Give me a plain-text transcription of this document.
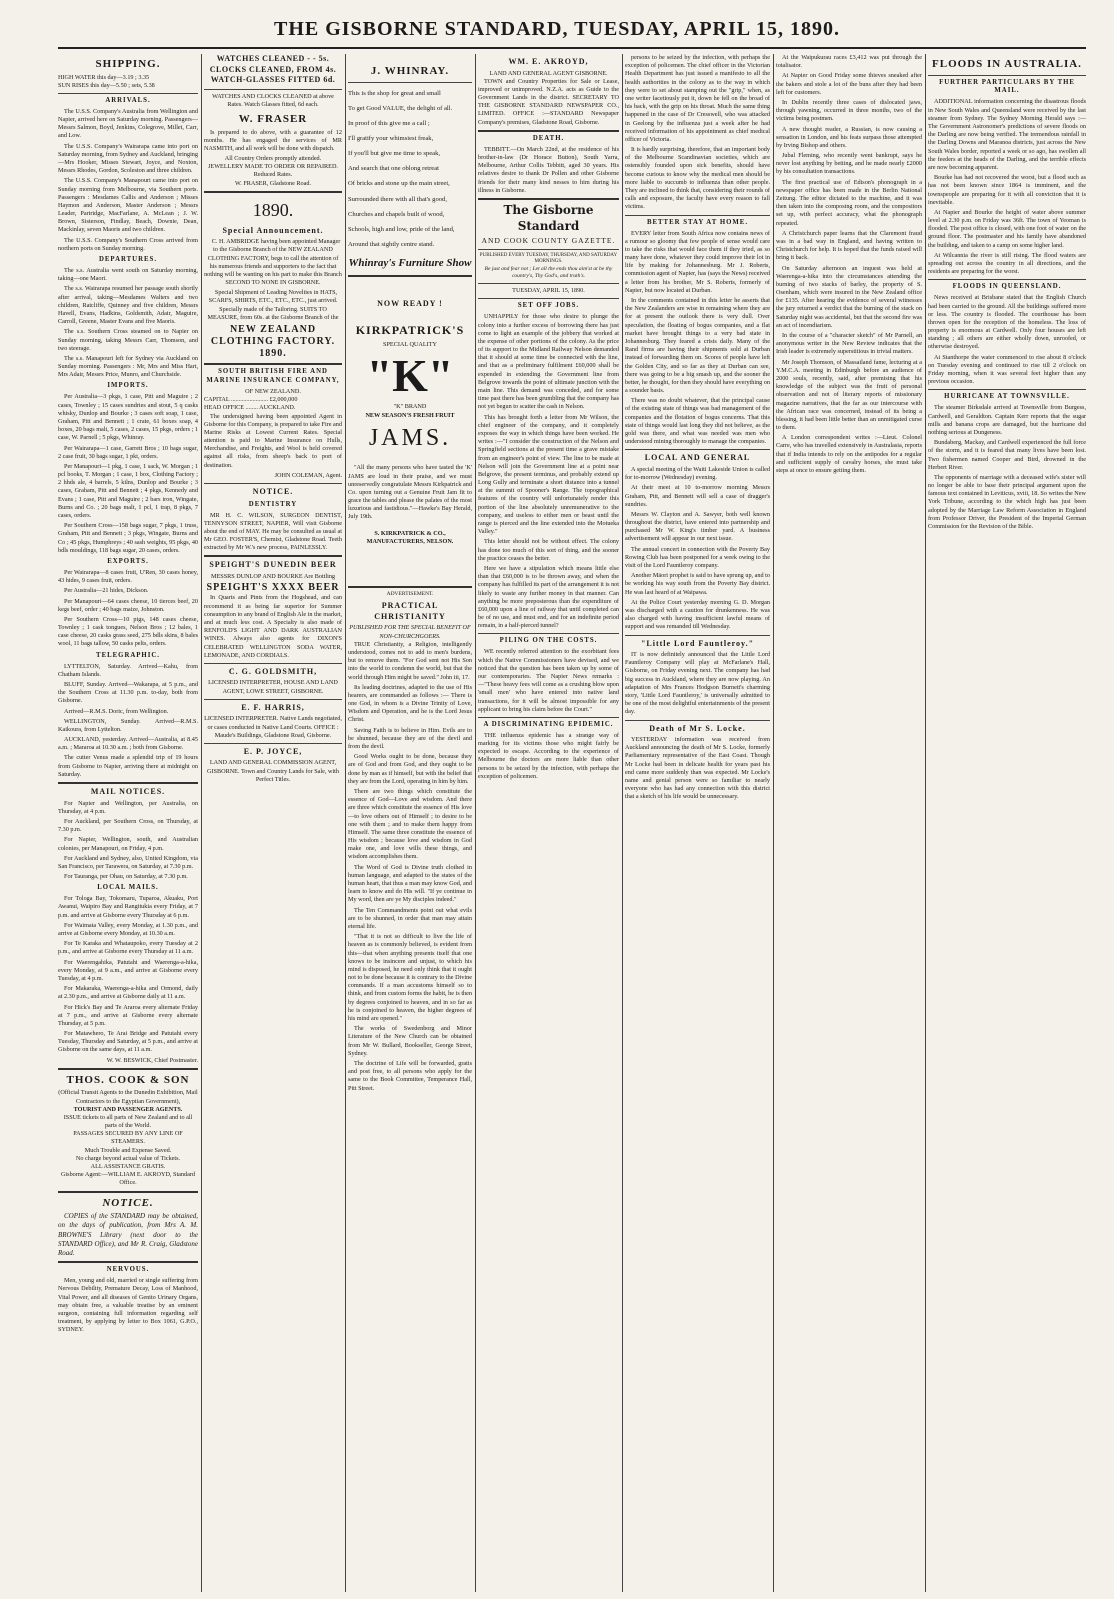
THE GISBORNE STANDARD, TUESDAY, APRIL 15, 1890.
SHIPPING.
HIGH WATER this day—3.19 ; 3.35
SUN RISES this day—5.50 ; sets, 5.38
ARRIVALS.
The U.S.S. Company's Australia from Wellington and Napier, arrived here on Saturday morning. Passengers—Messrs Salmon, Boyd, Jenkins, Colegrove, Millet, Carr, and Low.
The U.S.S. Company's Wairarapa came into port on Saturday morning, from Sydney and Auckland, bringing—Mrs Hooker, Misses Stewart, Joyce, and Noxton, Messrs Rhodes, Gordon, Scoleston and three children.
The U.S.S. Company's Manapouri came into port on Sunday morning from Melbourne, via Southern ports. Passengers : Mesdames Callis and Anderson ; Misses Haymon and Anderson, Master Anderson ; Messrs Leader, Partridge, MacFarlane, A. McLean ; J. W. Brown, Sisterson, Findlay, Beach, Downie, Dean, Mackinlay, seven Maoris and two children.
The U.S.S. Company's Southern Cross arrived from northern ports on Sunday morning.
DEPARTURES.
The s.s. Australia went south on Saturday morning, taking—one Maori.
The s.s. Wairarapa resumed her passage south shortly after arrival, taking—Mesdames Walters and two children, Ratcliffe, Quinney and five children, Messrs Havell, Evans, Hadkins, Goldsmith, Adair, Maguire, Carroll, Greene, Master Evans and five Maoris.
The s.s. Southern Cross steamed on to Napier on Sunday morning, taking Messrs Carr, Thomson, and two steerage.
The s.s. Manapouri left for Sydney via Auckland on Sunday morning. Passengers : Mr, Mrs and Miss Hart, Mrs Adair, Messrs Price, Munro, and Churchside.
IMPORTS.
Per Australia—3 pkgs, 1 case, Pitt and Maguire ; 2 cases, Townley ; 15 cases sundries and stout, 5 q casks whisky, Dunlop and Bourke ; 3 cases soft soap, 1 case, Graham, Pitt and Bennett ; 1 crate, 61 boxes soap, 4 boxes, 20 bags malt, 5 cases, 2 cases, 15 pkgs, orders ; 1 case, W. Parnell ; 5 pkgs, Whinray.
Per Wairarapa—1 case, Garrett Bros ; 10 bags sugar, 2 case fruit, 30 bags sugar, 1 pkt, orders.
Per Manapouri—1 pkg, 1 case, 1 sack, W. Morgan ; 1 pcl books, T. Morgan ; 1 case, 1 box, Clothing Factory ; 2 hhds ale, 4 barrels, 5 kilns, Dunlop and Bourke ; 3 cases, Graham, Pitt and Bennett ; 4 pkgs, Kennedy and Evans ; 1 case, Pitt and Maguire ; 2 bars iron, Wingate, Burns and Co. ; 20 bags malt, 1 pcl, 1 trap, 8 pkgs, 7 cases, orders.
Per Southern Cross—158 bags sugar, 7 pkgs, 1 truss, Graham, Pitt and Bennett ; 3 pkgs, Wingate, Burns and Co ; 45 pkgs, Humphreys ; 40 sash weights, 95 pkgs, 40 bdls mouldings, 118 bags sugar, 20 cases, orders.
EXPORTS.
Per Wairarapa—8 cases fruit, U'Ren, 30 cases honey, 43 hides, 9 cases fruit, orders.
Per Australia—21 hides, Dickson.
Per Manapouri—64 cases cheese, 10 tierces beef, 20 kegs beef, order ; 40 bags maize, Johnston.
Per Southern Cross—10 pigs, 148 cases cheese, Townley ; 1 cask tongues, Nelson Bros ; 12 bales, 1 case cheese, 20 casks grass seed, 275 bdls skins, 8 bales wool, 11 bags tallow, 50 casks pelts, orders.
TELEGRAPHIC.
LYTTELTON, Saturday. Arrived—Kahu, from Chatham Islands.
BLUFF, Sunday. Arrived—Wakarapa, at 5 p.m., and the Southern Cross at 11.30 p.m. to-day, both from Gisborne.
Arrived—R.M.S. Doric, from Wellington.
WELLINGTON, Sunday. Arrived—R.M.S. Kaikoura, from Lyttelton.
AUCKLAND, yesterday. Arrived—Australia, at 8.45 a.m. ; Mararoa at 10.30 a.m. ; both from Gisborne.
The cutter Venus made a splendid trip of 19 hours from Gisborne to Napier, arriving there at midnight on Saturday.
MAIL NOTICES.
For Napier and Wellington, per Australia, on Thursday, at 4 p.m.
For Auckland, per Southern Cross, on Thursday, at 7.30 p.m.
For Napier, Wellington, south, and Australian colonies, per Manapouri, on Friday, 4 p.m.
For Auckland and Sydney, also, United Kingdom, via San Francisco, per Tarawera, on Saturday, at 7.30 p.m.
For Tauranga, per Ohau, on Saturday, at 7.30 p.m.
LOCAL MAILS.
For Tologa Bay, Tokomaru, Tuparoa, Akuaku, Port Awanui, Waipiro Bay and Rangitukia every Friday, at 7 p.m. and arrive at Gisborne every Thursday at 6 p.m.
For Waimata Valley, every Monday, at 1.30 p.m., and arrive at Gisborne every Monday, at 10.30 a.m.
For Te Karaka and Whataupoko, every Tuesday at 2 p.m., and arrive at Gisborne every Thursday at 11 a.m.
For Waerengahika, Patutahi and Waerenga-a-hika, every Monday, at 9 a.m., and arrive at Gisborne every Tuesday, at 4 p.m.
For Makaraka, Waerenga-a-hika and Ormond, daily at 2.30 p.m., and arrive at Gisborne daily at 11 a.m.
For Hick's Bay and Te Araroa every alternate Friday at 7 p.m., and arrive at Gisborne every alternate Thursday, at 5 p.m.
For Matawhero, Te Arai Bridge and Patutahi every Tuesday, Thursday and Saturday, at 5 p.m., and arrive at Gisborne on the same days, at 11 a.m.
W. W. BESWICK, Chief Postmaster.
THOS. COOK & SON
(Official Transit Agents to the Dunedin Exhibition, Mail Contractors to the Egyptian Government),
TOURIST AND PASSENGER AGENTS.
ISSUE tickets to all parts of New Zealand and to all parts of the World.
PASSAGES SECURED BY ANY LINE OF STEAMERS.
Much Trouble and Expense Saved.
No charge beyond actual value of Tickets.
ALL ASSISTANCE GRATIS.
Gisborne Agent:—WILLIAM E. AKROYD, Standard Office.
NOTICE.
COPIES of the STANDARD may be obtained, on the days of publication, from Mrs A. M. BROWNE'S Library (next door to the STANDARD Office), and Mr R. Craig, Gladstone Road.
NERVOUS.
Men, young and old, married or single suffering from Nervous Debility, Premature Decay, Loss of Manhood, Vital Power, and all diseases of Genito Urinary Organs, may obtain free, a valuable treatise by an eminent surgeon, containing full information regarding self treatment, by applying by letter to Box 1061, G.P.O., SYDNEY.
WATCHES CLEANED - - 5s.
CLOCKS CLEANED, FROM 4s.
WATCH-GLASSES FITTED 6d.
WATCHES AND CLOCKS CLEANED at above Rates. Watch Glasses fitted, 6d each.
W. FRASER
Is prepared to do above, with a guarantee of 12 months. He has engaged the services of MR NASMITH, and all work will be done with dispatch.
All Country Orders promptly attended.
JEWELLERY MADE TO ORDER OR REPAIRED. Reduced Rates.
W. FRASER, Gladstone Road.
1890.
Special Announcement.
C. H. AMBRIDGE having been appointed Manager to the Gisborne Branch of the NEW ZEALAND CLOTHING FACTORY, begs to call the attention of his numerous friends and supporters to the fact that nothing will be wanting on his part to make this Branch SECOND TO NONE IN GISBORNE.
Special Shipment of Leading Novelties in HATS, SCARFS, SHIRTS, ETC., ETC., ETC., just arrived. Specially made of the Tailoring. SUITS TO MEASURE, from 60s. at the Gisborne Branch of the
NEW ZEALAND CLOTHING FACTORY. 1890.
SOUTH BRITISH FIRE AND MARINE INSURANCE COMPANY,
OF NEW ZEALAND.
CAPITAL ........................ £2,000,000
HEAD OFFICE ........ AUCKLAND.
The undersigned having been appointed Agent in Gisborne for this Company, is prepared to take Fire and Marine Risks at Lowest Current Rates. Special attention is paid to Marine Insurance on Hulls, Merchandise, and Freights, and Wool is held covered against all risks, from sheep's back to port of destination.
JOHN COLEMAN, Agent.
NOTICE.
DENTISTRY
MR H. C. WILSON, SURGEON DENTIST, TENNYSON STREET, NAPIER, Will visit Gisborne about the end of MAY. He may be consulted as usual at Mr GEO. FOSTER'S, Chemist, Gladstone Road. Teeth extracted by Mr W.'s new process, PAINLESSLY.
SPEIGHT'S DUNEDIN BEER
MESSRS DUNLOP AND BOURKE Are Bottling
SPEIGHT'S XXXX BEER
In Quarts and Pints from the Hogshead, and can recommend it as being far superior for Summer consumption to any brand of English Ale in the market, and at much less cost. A Specialty is also made of RENFOLD'S LIGHT AND DARK AUSTRALIAN WINES. Always also agents for DIXON'S CELEBRATED WELLINGTON SODA WATER, LEMONADE, AND CORDIALS.
C. G. GOLDSMITH,
LICENSED INTERPRETER, HOUSE AND LAND AGENT, LOWE STREET, GISBORNE.
E. F. HARRIS,
LICENSED INTERPRETER. Native Lands negotiated, or cases conducted in Native Land Courts. OFFICE : Maude's Buildings, Gladstone Road, Gisborne.
E. P. JOYCE,
LAND AND GENERAL COMMISSION AGENT, GISBORNE. Town and Country Lands for Sale, with Perfect Titles.
J. WHINRAY.
This is the shop for great and small
To get Good VALUE, the delight of all.
In proof of this give me a call ;
I'll gratify your whimsiest freak,
If you'll but give me time to speak,
And search that one oblong retreat
Of bricks and stone up the main street,
Surrounded there with all that's good,
Churches and chapels built of wood,
Schools, high and low, pride of the land,
Around that sightly centre stand.
Whinray's Furniture Show
NOW READY !
KIRKPATRICK'S
SPECIAL QUALITY
"K"
"K" BRAND
NEW SEASON'S FRESH FRUIT
JAMS.
"All the many persons who have tasted the 'K' JAMS are loud in their praise, and we must unreservedly congratulate Messrs Kirkpatrick and Co. upon turning out a Genuine Fruit Jam fit to grace the tables and please the palates of the most luxurious and fastidious."—Hawke's Bay Herald, July 19th.
S. KIRKPATRICK & CO., MANUFACTURERS, NELSON.
ADVERTISEMENT.
PRACTICAL CHRISTIANITY
PUBLISHED FOR THE SPECIAL BENEFIT OF NON-CHURCHGOERS.
TRUE Christianity, a Religion, intelligently understood, comes not to add to men's burdens, but to remove them. "For God sent not His Son into the world to condemn the world, but that the world through Him might be saved." John iii, 17.
Its leading doctrines, adapted to the use of His hearers, are commanded as follows :— There is one God, in whom is a Divine Trinity of Love, Wisdom and Operation, and he is the Lord Jesus Christ.
Saving Faith is to believe in Him. Evils are to be shunned, because they are of the devil and from the devil.
Good Works ought to be done, because they are of God and from God, and they ought to be done by man as if himself, but with the belief that they are from the Lord, operating in him by him.
There are two things which constitute the essence of God—Love and wisdom. And there are three which constitute the essence of His love—to love others out of Himself ; to desire to be one with them ; and to make them happy from Himself. The same three constitute the essence of His wisdom ; because love and wisdom in God make one, and love wills these things, and wisdom accomplishes them.
The Word of God is Divine truth clothed in human language, and adapted to the states of the human heart, that thus a man may know God, and learn to know and do His will. "If ye continue in My word, then are ye My disciples indeed."
The Ten Commandments point out what evils are to be shunned, in order that man may attain eternal life.
"That it is not so difficult to live the life of heaven as is commonly believed, is evident from this—that when anything presents itself that one knows to be insincere and unjust, to which his mind is disposed, he need only think that it ought not to be done because it is contrary to the Divine commands. If a man accustoms himself so to think, and from custom forms the habit, he is then by degrees conjoined to heaven, and in so far as he is conjoined to heaven, the higher degrees of his mind are opened."
The works of Swedenborg and Minor Literature of the New Church can be obtained from Mr W. Bullard, Bookseller, George Street, Sydney.
The doctrine of Life will be forwarded, gratis and post free, to all persons who apply for the same to the Book Committee, Temperance Hall, Pitt Street.
WM. E. AKROYD,
LAND AND GENERAL AGENT GISBORNE.
TOWN and Country Properties for Sale or Lease, improved or unimproved. N.Z.A. acts as Guide to the Government Lands in the district. SECRETARY TO THE GISBORNE STANDARD NEWSPAPER CO., LIMITED. OFFICE :—STANDARD Newspaper Company's premises, Gladstone Road, Gisborne.
DEATH.
TEBBITT.—On March 22nd, at the residence of his brother-in-law (Dr Horace Button), South Yarra, Melbourne, Arthur Collis Tebbitt, aged 30 years. His relatives desire to thank Dr Pollen and other Gisborne friends for their many kind nesses to him during his illness in Gisborne.
The Gisborne Standard
AND COOK COUNTY GAZETTE.
PUBLISHED EVERY TUESDAY, THURSDAY, AND SATURDAY MORNINGS.
Be just and fear not ; Let all the ends thou aim'st at be thy country's, Thy God's, and truth's.
TUESDAY, APRIL 15, 1890.
SET OFF JOBS.
UNHAPPILY for those who desire to plunge the colony into a further excess of borrowing there has just come to light an example of the jobbery that worked at the expense of other portions of the colony. As the price of its support to the Midland Railway Nelson demanded that it should at some time be connected with the line, and that as a preliminary fulfilment £60,000 shall be expended in extending the Government line from Belgrove towards the point of ultimate junction with the main line. This demand was conceded, and for some time past there has been grumbling that the company has not yet begun to scatter the cash in Nelson.
This has brought forth a letter from Mr Wilson, the chief engineer of the company, and it completely exposes the way in which things have been worked. He writes :—"I consider the construction of the Nelson and Springfield sections at the present time a grave mistake from an engineer's point of view. The line to be made at Nelson will join the Government line at a point near Belgrove, the present terminus, and probably extend up Long Gully and terminate a short distance into a tunnel at the summit of Spooner's Range. The topographical features of the country will unfortunately render this portion of the line absolutely unremunerative to the company, and useless to either men or beast until the range is pierced and the line extended into the Motueka Valley."
This letter should not be without effect. The colony has done too much of this sort of thing, and the sooner the practice ceases the better.
Here we have a stipulation which means little else than that £60,000 is to be thrown away, and when the company has fulfilled its part of the arrangement it is not likely to waste any further money in that manner. Can anything be more preposterous than the expenditure of £60,000 upon a line of railway that until completed can be of no use, and must end, and for an indefinite period remain, in a half-pierced tunnel?
PILING ON THE COSTS.
WE recently referred attention to the exorbitant fees which the Native Commissioners have devised, and we noticed that the question has been taken up by some of our contemporaries. The Napier News remarks :—"These heavy fees will come as a crushing blow upon 'small men' who have entered into native land transactions, for it will be almost impossible for any applicant to bring his claim before the Court."
A DISCRIMINATING EPIDEMIC.
THE influenza epidemic has a strange way of marking for its victims those who might fairly be expected to escape. According to the experience of Melbourne the doctors are more liable than other persons to be seized by the infection, with perhaps the exception of policemen.
persons to be seized by the infection, with perhaps the exception of policemen. The chief officer in the Victorian Health Department has just issued a manifesto to all the health authorities in the colony as to the way in which they were to set about stamping out the "grip," when, as one writer facetiously put it, down he fell on the broad of his back, with the grip on his throat. Much the same thing happened in the case of Dr Cresswell, who was attacked in Geelong by the influenza just a week after he had received information of his appointment as chief medical officer of Victoria.
It is hardly surprising, therefore, that an important body of the Melbourne Scandinavian societies, which are ostensibly founded upon sick benefits, should have become curious to know why the medical men should be more liable to succumb to influenza than other people. They are inclined to think that, considering their rounds of calls and exposure, the faculty have every reason to fall victims.
BETTER STAY AT HOME.
EVERY letter from South Africa now contains news of a rumour so gloomy that few people of sense would care to take the risks that would face them if they tried, as so many have done, whatever they could improve their lot in life by making for Johannesburg. Mr J. Roberts, commission agent of Napier, has (says the News) received a letter from his brother, Mr S. Roberts, formerly of Napier, but now located at Durban.
In the comments contained in this letter he asserts that the New Zealanders are wise in remaining where they are for at present the outlook there is very dull. Over speculation, the floating of bogus companies, and a flat market have brought things to a very bad state in Johannesburg. They feared a crisis daily. Many of the Rand firms are having their shipments sold at Durban instead of forwarding them on. Scores of people have left the Golden City, and so far as they at Durban can see, there was going to be a big smash up, and the sooner the better, he thought, for then they should have everything on a sounder basis.
There was no doubt whatever, that the principal cause of the existing state of things was bad management of the companies and the flotation of bogus concerns. That this state of things would last long they did not believe, as the gold was there, and what was needed was men who understood mining thoroughly to manage the companies.
LOCAL AND GENERAL
A special meeting of the Waiti Lakeside Union is called for to-morrow (Wednesday) evening.
At their meet at 10 to-morrow morning Messrs Graham, Pitt, and Bennett will sell a case of dragger's sundries.
Messrs W. Clayton and A. Sawyer, both well known throughout the district, have entered into partnership and purchased Mr W. King's timber yard. A business advertisement will appear in our next issue.
The annual concert in connection with the Poverty Bay Rowing Club has been postponed for a week owing to the visit of the Lord Fauntleroy company.
Another Māori prophet is said to have sprung up, and to be working his way south from the Poverty Bay district. He was last heard of at Waipawa.
At the Police Court yesterday morning G. D. Morgan was discharged with a caution for drunkenness. He was also charged with having insufficient lawful means of support and was remanded till Wednesday.
"Little Lord Fauntleroy."
IT is now definitely announced that the Little Lord Fauntleroy Company will play at McFarlane's Hall, Gisborne, on Friday evening next. The company has had big success in Auckland, where they are now playing. An adaptation of Mrs Frances Hodgson Burnett's charming story, 'Little Lord Fauntleroy,' is universally admitted to be one of the most delightful entertainments of the present day.
Death of Mr S. Locke.
YESTERDAY information was received from Auckland announcing the death of Mr S. Locke, formerly Parliamentary representative of the East Coast. Though Mr Locke had been in delicate health for years past his end came more suddenly than was expected. Mr Locke's name and genial person were so familiar to nearly everyone who has had any connection with this district that a sketch of his life would be unnecessary.
At the Waipukurau races £3,412 was put through the totalisator.
At Napier on Good Friday some thieves sneaked after the bakers and stole a lot of the buns after they had been left for customers.
In Dublin recently three cases of dislocated jaws, through yawning, occurred in three months, two of the victims being postmen.
A new thought reader, a Russian, is now causing a sensation in London, and his feats surpass those attempted by Irving Bishop and others.
Jubal Fleming, who recently went bankrupt, says he never lost anything by betting, and he made nearly £2000 by his consultation transactions.
The first practical use of Edison's phonograph in a newspaper office has been made in the Berlin National Zeitung. The editor dictated to the machine, and it was then taken into the composing room, and the compositors set up, with perfect accuracy, what the phonograph repeated.
A Christchurch paper learns that the Claremont fraud was in a bad way in England, and having written to Christchurch for help. It is hoped that the funds raised will bring it back.
On Saturday afternoon an inquest was held at Waerenga-a-hika into the circumstances attending the burning of two stacks of barley, the property of S. Osenham, which were insured in the New Zealand office for £135. After hearing the evidence of several witnesses the jury returned a verdict that the burning of the stack on Saturday night was accidental, but that the second fire was an act of incendiarism.
In the course of a "character sketch" of Mr Parnell, an anonymous writer in the New Review indicates that the Irish leader is extremely superstitious in trivial matters.
Mr Joseph Thomson, of Massailand fame, lecturing at a Y.M.C.A. meeting in Edinburgh before an audience of 2000 souls, recently, said, after premising that his knowledge of the subject was the fruit of personal observation and not of literary reports of missionary magazine narratives, that the far as our intercourse with the African race was concerned, instead of its being a blessing, it had been little better than an unmitigated curse to them.
A London correspondent writes :—Lieut. Colonel Carre, who has travelled extensively in Australasia, reports that if India intends to rely on the antipodes for a regular and sufficient supply of cavalry horses, she must take steps at once to ensure getting them.
FLOODS IN AUSTRALIA.
FURTHER PARTICULARS BY THE MAIL.
ADDITIONAL information concerning the disastrous floods in New South Wales and Queensland were received by the last steamer from Sydney. The Sydney Morning Herald says :— The Government Astronomer's predictions of severe floods on the Darling are now being verified. The tremendous rainfall in the Darling Downs and Maranoa districts, just across the New South Wales border, reported a week or so ago, has swollen all the feeders at the heads of the Darling, and the terrible effects are now becoming apparent.
Bourke has had not recovered the worst, but a flood such as has not been known since 1864 is imminent, and the townspeople are preparing for it with all conviction that it is inevitable.
At Napier and Bourke the height of water above summer level at 2.30 p.m. on Friday was 36ft. The town of Yeoman is flooded. The post office is closed, with one foot of water on the ground floor. The postmaster and his family have abandoned the building, and taken to a camp on some higher land.
At Wilcannia the river is still rising. The flood waters are spreading out across the country in all directions, and the residents are preparing for the worst.
FLOODS IN QUEENSLAND.
News received at Brisbane stated that the English Church had been carried to the ground. All the buildings suffered more or less. The country is flooded. The courthouse has been thrown open for the reception of the homeless. The loss of property is enormous at Cardwell. Only four houses are left standing ; all others are either wholly down, unroofed, or otherwise destroyed.
At Stanthorpe the water commenced to rise about 8 o'clock on Tuesday evening and continued to rise till 2 o'clock on Friday morning, when it was several feet higher than any previous occasion.
HURRICANE AT TOWNSVILLE.
The steamer Birksdale arrived at Townsville from Burgess, Cardwell, and Geraldton. Captain Kerr reports that the sugar mills and banana crops are damaged, but the hurricane did nothing serious at Dungeness.
Bundaberg, Mackay, and Cardwell experienced the full force of the storm, and it is feared that many lives have been lost. Two fishermen named Cooper and Bird, drowned in the Herbert River.
The opponents of marriage with a deceased wife's sister will no longer be able to base their principal argument upon the famous text contained in Leviticus, xviii, 18. So writes the New York Tribune, according to the which high has just been adopted by the Marriage Law Reform Association in England from Professor Driver, the President of the Imperial German Commission for the Revision of the Bible.
